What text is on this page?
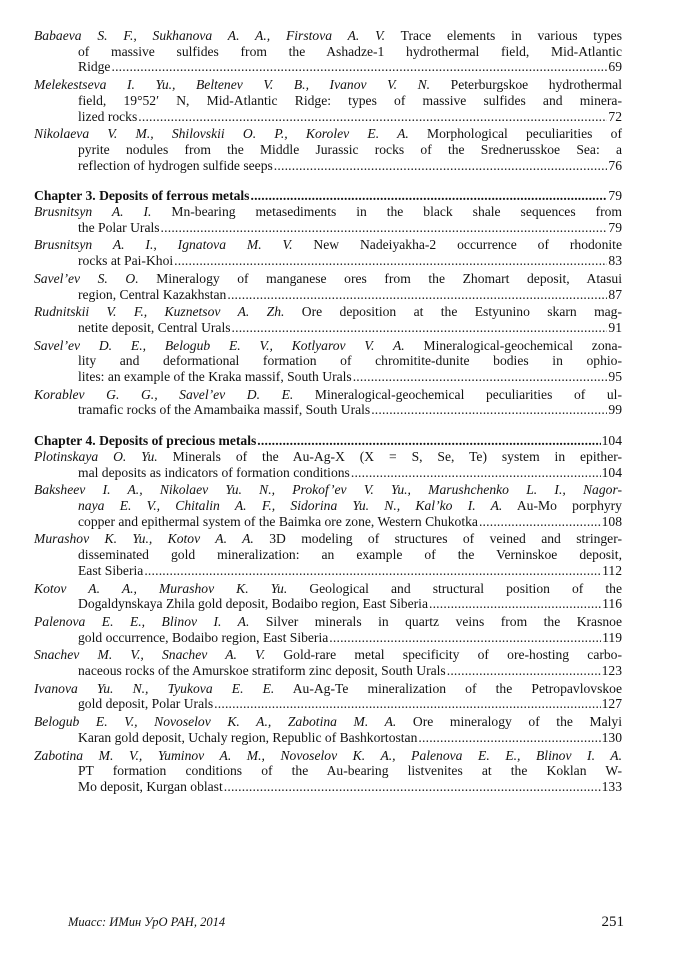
Babaeva S. F., Sukhanova A. A., Firstova A. V. Trace elements in various types
of massive sulfides from the Ashadze-1 hydrothermal field, Mid-Atlantic
Ridge . . .	69
Melekestseva I. Yu., Beltenev V. B., Ivanov V. N. Peterburgskoe hydrothermal
field, 19°52′ N, Mid-Atlantic Ridge: types of massive sulfides and minera-
lized rocks . . .	72
Nikolaeva V. M., Shilovskii O. P., Korolev E. A. Morphological peculiarities of
pyrite nodules from the Middle Jurassic rocks of the Srednerusskoe Sea: a
reflection of hydrogen sulfide seeps . . .	76
Chapter 3. Deposits of ferrous metals . . .	79
Brusnitsyn A. I. Mn-bearing metasediments in the black shale sequences from
the Polar Urals . . .	79
Brusnitsyn A. I., Ignatova M. V. New Nadeiyakha-2 occurrence of rhodonite
rocks at Pai-Khoi . . .	83
Savel’ev S. O. Mineralogy of manganese ores from the Zhomart deposit, Atasui
region, Central Kazakhstan . . .	87
Rudnitskii V. F., Kuznetsov A. Zh. Ore deposition at the Estyunino skarn mag-
netite deposit, Central Urals . . .	91
Savel’ev D. E., Belogub E. V., Kotlyarov V. A. Mineralogical-geochemical zona-
lity and deformational formation of chromitite-dunite bodies in ophio-
lites: an example of the Kraka massif, South Urals . . .	95
Korablev G. G., Savel’ev D. E. Mineralogical-geochemical peculiarities of ul-
tramafic rocks of the Amambaika massif, South Urals . . .	99
Chapter 4. Deposits of precious metals . . .	104
Plotinskaya O. Yu. Minerals of the Au-Ag-X (X = S, Se, Te) system in epither-
mal deposits as indicators of formation conditions . . .	104
Baksheev I. A., Nikolaev Yu. N., Prokof’ev V. Yu., Marushchenko L. I., Nagor-
naya E. V., Chitalin A. F., Sidorina Yu. N., Kal’ko I. A. Au-Mo porphyry
copper and epithermal system of the Baimka ore zone, Western Chukotka . . .	108
Murashov K. Yu., Kotov A. A. 3D modeling of structures of veined and stringer-
disseminated gold mineralization: an example of the Verninskoe deposit,
East Siberia . . .	112
Kotov A. A., Murashov K. Yu. Geological and structural position of the
Dogaldynskaya Zhila gold deposit, Bodaibo region, East Siberia . . .	116
Palenova E. E., Blinov I. A. Silver minerals in quartz veins from the Krasnoe
gold occurrence, Bodaibo region, East Siberia . . .	119
Snachev M. V., Snachev A. V. Gold-rare metal specificity of ore-hosting carbo-
naceous rocks of the Amurskoe stratiform zinc deposit, South Urals . . .	123
Ivanova Yu. N., Tyukova E. E. Au-Ag-Te mineralization of the Petropavlovskoe
gold deposit, Polar Urals . . .	127
Belogub E. V., Novoselov K. A., Zabotina M. A. Ore mineralogy of the Malyi
Karan gold deposit, Uchaly region, Republic of Bashkortostan . . .	130
Zabotina M. V., Yuminov A. M., Novoselov K. A., Palenova E. E., Blinov I. A.
PT formation conditions of the Au-bearing listvenites at the Koklan W-
Mo deposit, Kurgan oblast . . .	133
Миасс: ИМин УрО РАН, 2014	251
